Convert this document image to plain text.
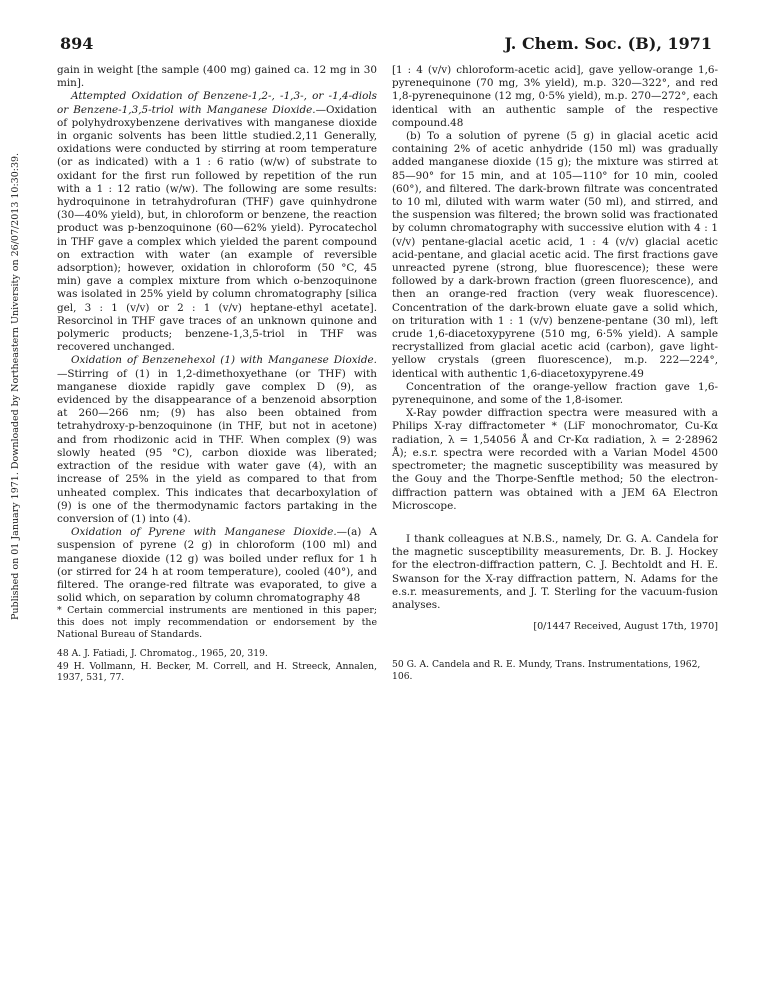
894	J. Chem. Soc. (B), 1971
Published on 01 January 1971. Downloaded by Northeastern University on 26/07/2013 10:30:39.

gain in weight [the sample (400 mg) gained ca. 12 mg in 30 min].

Attempted Oxidation of Benzene-1,2-, -1,3-, or -1,4-diols or Benzene-1,3,5-triol with Manganese Dioxide.—Oxidation of polyhydroxybenzene derivatives with manganese dioxide in organic solvents has been little studied.2,11 Generally, oxidations were conducted by stirring at room temperature (or as indicated) with a 1 : 6 ratio (w/w) of substrate to oxidant for the first run followed by repetition of the run with a 1 : 12 ratio (w/w). The following are some results: hydroquinone in tetrahydrofuran (THF) gave quinhydrone (30—40% yield), but, in chloroform or benzene, the reaction product was p-benzoquinone (60—62% yield). Pyrocatechol in THF gave a complex which yielded the parent compound on extraction with water (an example of reversible adsorption); however, oxidation in chloroform (50 °C, 45 min) gave a complex mixture from which o-benzoquinone was isolated in 25% yield by column chromatography [silica gel, 3 : 1 (v/v) or 2 : 1 (v/v) heptane-ethyl acetate]. Resorcinol in THF gave traces of an unknown quinone and polymeric products; benzene-1,3,5-triol in THF was recovered unchanged.

Oxidation of Benzenehexol (1) with Manganese Dioxide.—Stirring of (1) in 1,2-dimethoxyethane (or THF) with manganese dioxide rapidly gave complex D (9), as evidenced by the disappearance of a benzenoid absorption at 260—266 nm; (9) has also been obtained from tetrahydroxy-p-benzoquinone (in THF, but not in acetone) and from rhodizonic acid in THF. When complex (9) was slowly heated (95 °C), carbon dioxide was liberated; extraction of the residue with water gave (4), with an increase of 25% in the yield as compared to that from unheated complex. This indicates that decarboxylation of (9) is one of the thermodynamic factors partaking in the conversion of (1) into (4).

Oxidation of Pyrene with Manganese Dioxide.—(a) A suspension of pyrene (2 g) in chloroform (100 ml) and manganese dioxide (12 g) was boiled under reflux for 1 h (or stirred for 24 h at room temperature), cooled (40°), and filtered. The orange-red filtrate was evaporated, to give a solid which, on separation by column chromatography 48

* Certain commercial instruments are mentioned in this paper; this does not imply recommendation or endorsement by the National Bureau of Standards.

48 A. J. Fatiadi, J. Chromatog., 1965, 20, 319.

49 H. Vollmann, H. Becker, M. Correll, and H. Streeck, Annalen, 1937, 531, 77.

[1 : 4 (v/v) chloroform-acetic acid], gave yellow-orange 1,6-pyrenequinone (70 mg, 3% yield), m.p. 320—322°, and red 1,8-pyrenequinone (12 mg, 0·5% yield), m.p. 270—272°, each identical with an authentic sample of the respective compound.48

(b) To a solution of pyrene (5 g) in glacial acetic acid containing 2% of acetic anhydride (150 ml) was gradually added manganese dioxide (15 g); the mixture was stirred at 85—90° for 15 min, and at 105—110° for 10 min, cooled (60°), and filtered. The dark-brown filtrate was concentrated to 10 ml, diluted with warm water (50 ml), and stirred, and the suspension was filtered; the brown solid was fractionated by column chromatography with successive elution with 4 : 1 (v/v) pentane-glacial acetic acid, 1 : 4 (v/v) glacial acetic acid-pentane, and glacial acetic acid. The first fractions gave unreacted pyrene (strong, blue fluorescence); these were followed by a dark-brown fraction (green fluorescence), and then an orange-red fraction (very weak fluorescence). Concentration of the dark-brown eluate gave a solid which, on trituration with 1 : 1 (v/v) benzene-pentane (30 ml), left crude 1,6-diacetoxypyrene (510 mg, 6·5% yield). A sample recrystallized from glacial acetic acid (carbon), gave light-yellow crystals (green fluorescence), m.p. 222—224°, identical with authentic 1,6-diacetoxypyrene.49

Concentration of the orange-yellow fraction gave 1,6-pyrenequinone, and some of the 1,8-isomer.

X-Ray powder diffraction spectra were measured with a Philips X-ray diffractometer * (LiF monochromator, Cu-Kα radiation, λ = 1,54056 Å and Cr-Kα radiation, λ = 2·28962 Å); e.s.r. spectra were recorded with a Varian Model 4500 spectrometer; the magnetic susceptibility was measured by the Gouy and the Thorpe-Senftle method; 50 the electron-diffraction pattern was obtained with a JEM 6A Electron Microscope.

I thank colleagues at N.B.S., namely, Dr. G. A. Candela for the magnetic susceptibility measurements, Dr. B. J. Hockey for the electron-diffraction pattern, C. J. Bechtoldt and H. E. Swanson for the X-ray diffraction pattern, N. Adams for the e.s.r. measurements, and J. T. Sterling for the vacuum-fusion analyses.

[0/1447 Received, August 17th, 1970]

50 G. A. Candela and R. E. Mundy, Trans. Instrumentations, 1962, 106.
